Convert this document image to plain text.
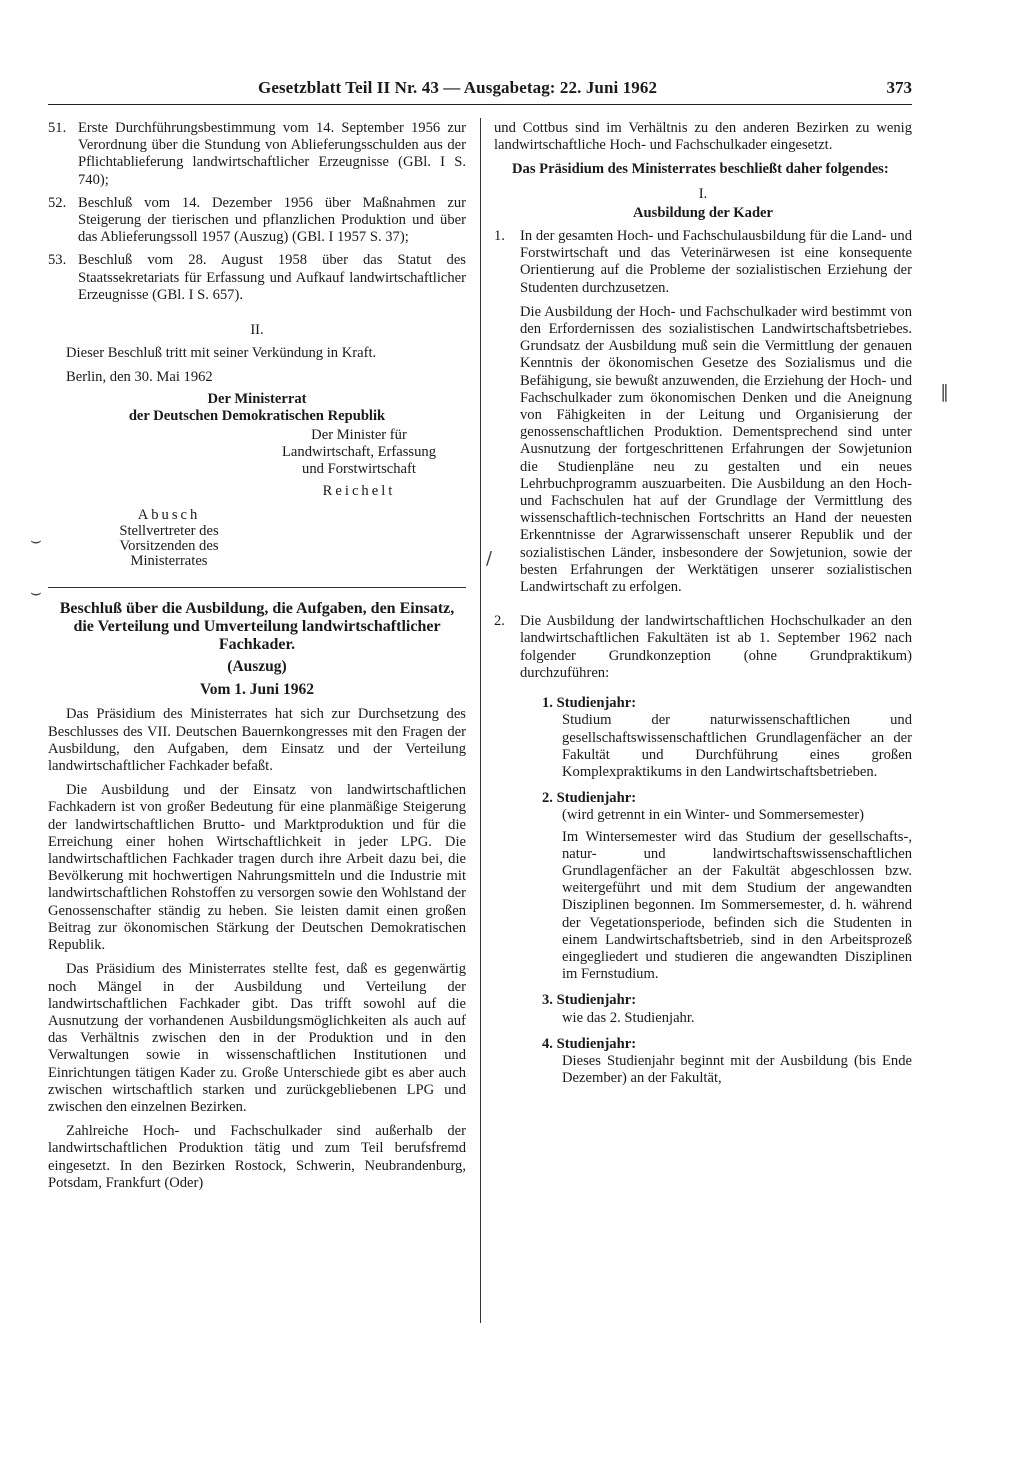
Gesetzblatt Teil II Nr. 43 — Ausgabetag: 22. Juni 1962	373
51. Erste Durchführungsbestimmung vom 14. September 1956 zur Verordnung über die Stundung von Ablieferungsschulden aus der Pflichtablieferung landwirtschaftlicher Erzeugnisse (GBl. I S. 740);
52. Beschluß vom 14. Dezember 1956 über Maßnahmen zur Steigerung der tierischen und pflanzlichen Produktion und über das Ablieferungssoll 1957 (Auszug) (GBl. I 1957 S. 37);
53. Beschluß vom 28. August 1958 über das Statut des Staatssekretariats für Erfassung und Aufkauf landwirtschaftlicher Erzeugnisse (GBl. I S. 657).
II.
Dieser Beschluß tritt mit seiner Verkündung in Kraft.
Berlin, den 30. Mai 1962
Der Ministerrat
der Deutschen Demokratischen Republik
Der Minister für Landwirtschaft, Erfassung und Forstwirtschaft
Reichelt
Abusch
Stellvertreter des Vorsitzenden des Ministerrates
Beschluß über die Ausbildung, die Aufgaben, den Einsatz, die Verteilung und Umverteilung landwirtschaftlicher Fachkader.
(Auszug)
Vom 1. Juni 1962

Das Präsidium des Ministerrates hat sich zur Durchsetzung des Beschlusses des VII. Deutschen Bauernkongresses mit den Fragen der Ausbildung, den Aufgaben, dem Einsatz und der Verteilung landwirtschaftlicher Fachkader befaßt.

Die Ausbildung und der Einsatz von landwirtschaftlichen Fachkadern ist von großer Bedeutung für eine planmäßige Steigerung der landwirtschaftlichen Brutto- und Marktproduktion und für die Erreichung einer hohen Wirtschaftlichkeit in jeder LPG. Die landwirtschaftlichen Fachkader tragen durch ihre Arbeit dazu bei, die Bevölkerung mit hochwertigen Nahrungsmitteln und die Industrie mit landwirtschaftlichen Rohstoffen zu versorgen sowie den Wohlstand der Genossenschafter ständig zu heben. Sie leisten damit einen großen Beitrag zur ökonomischen Stärkung der Deutschen Demokratischen Republik.

Das Präsidium des Ministerrates stellte fest, daß es gegenwärtig noch Mängel in der Ausbildung und Verteilung der landwirtschaftlichen Fachkader gibt. Das trifft sowohl auf die Ausnutzung der vorhandenen Ausbildungsmöglichkeiten als auch auf das Verhältnis zwischen den in der Produktion und in den Verwaltungen sowie in wissenschaftlichen Institutionen und Einrichtungen tätigen Kader zu. Große Unterschiede gibt es aber auch zwischen wirtschaftlich starken und zurückgebliebenen LPG und zwischen den einzelnen Bezirken.

Zahlreiche Hoch- und Fachschulkader sind außerhalb der landwirtschaftlichen Produktion tätig und zum Teil berufsfremd eingesetzt. In den Bezirken Rostock, Schwerin, Neubrandenburg, Potsdam, Frankfurt (Oder)

und Cottbus sind im Verhältnis zu den anderen Bezirken zu wenig landwirtschaftliche Hoch- und Fachschulkader eingesetzt.

Das Präsidium des Ministerrates beschließt daher folgendes:

I.
Ausbildung der Kader
1.	In der gesamten Hoch- und Fachschulausbildung für die Land- und Forstwirtschaft und das Veterinärwesen ist eine konsequente Orientierung auf die Probleme der sozialistischen Erziehung der Studenten durchzusetzen.

Die Ausbildung der Hoch- und Fachschulkader wird bestimmt von den Erfordernissen des sozialistischen Landwirtschaftsbetriebes. Grundsatz der Ausbildung muß sein die Vermittlung der genauen Kenntnis der ökonomischen Gesetze des Sozialismus und die Befähigung, sie bewußt anzuwenden, die Erziehung der Hoch- und Fachschulkader zum ökonomischen Denken und die Aneignung von Fähigkeiten in der Leitung und Organisierung der genossenschaftlichen Produktion. Dementsprechend sind unter Ausnutzung der fortgeschrittenen Erfahrungen der Sowjetunion die Studienpläne neu zu gestalten und ein neues Lehrbuchprogramm auszuarbeiten. Die Ausbildung an den Hoch- und Fachschulen hat auf der Grundlage der Vermittlung des wissenschaftlich-technischen Fortschritts an Hand der neuesten Erkenntnisse der Agrarwissenschaft unserer Republik und der sozialistischen Länder, insbesondere der Sowjetunion, sowie der besten Erfahrungen der Werktätigen unserer sozialistischen Landwirtschaft zu erfolgen.

2.	Die Ausbildung der landwirtschaftlichen Hochschulkader an den landwirtschaftlichen Fakultäten ist ab 1. September 1962 nach folgender Grundkonzeption (ohne Grundpraktikum) durchzuführen:

1. Studienjahr:
Studium der naturwissenschaftlichen und gesellschaftswissenschaftlichen Grundlagenfächer an der Fakultät und Durchführung eines großen Komplexpraktikums in den Landwirtschaftsbetrieben.
2. Studienjahr:
(wird getrennt in ein Winter- und Sommersemester)
Im Wintersemester wird das Studium der gesellschafts-, natur- und landwirtschaftswissenschaftlichen Grundlagenfächer an der Fakultät abgeschlossen bzw. weitergeführt und mit dem Studium der angewandten Disziplinen begonnen. Im Sommersemester, d. h. während der Vegetationsperiode, befinden sich die Studenten in einem Landwirtschaftsbetrieb, sind in den Arbeitsprozeß eingegliedert und studieren die angewandten Disziplinen im Fernstudium.
3. Studienjahr:
wie das 2. Studienjahr.
4. Studienjahr:
Dieses Studienjahr beginnt mit der Ausbildung (bis Ende Dezember) an der Fakultät,
⌣
⌣
∥
/
